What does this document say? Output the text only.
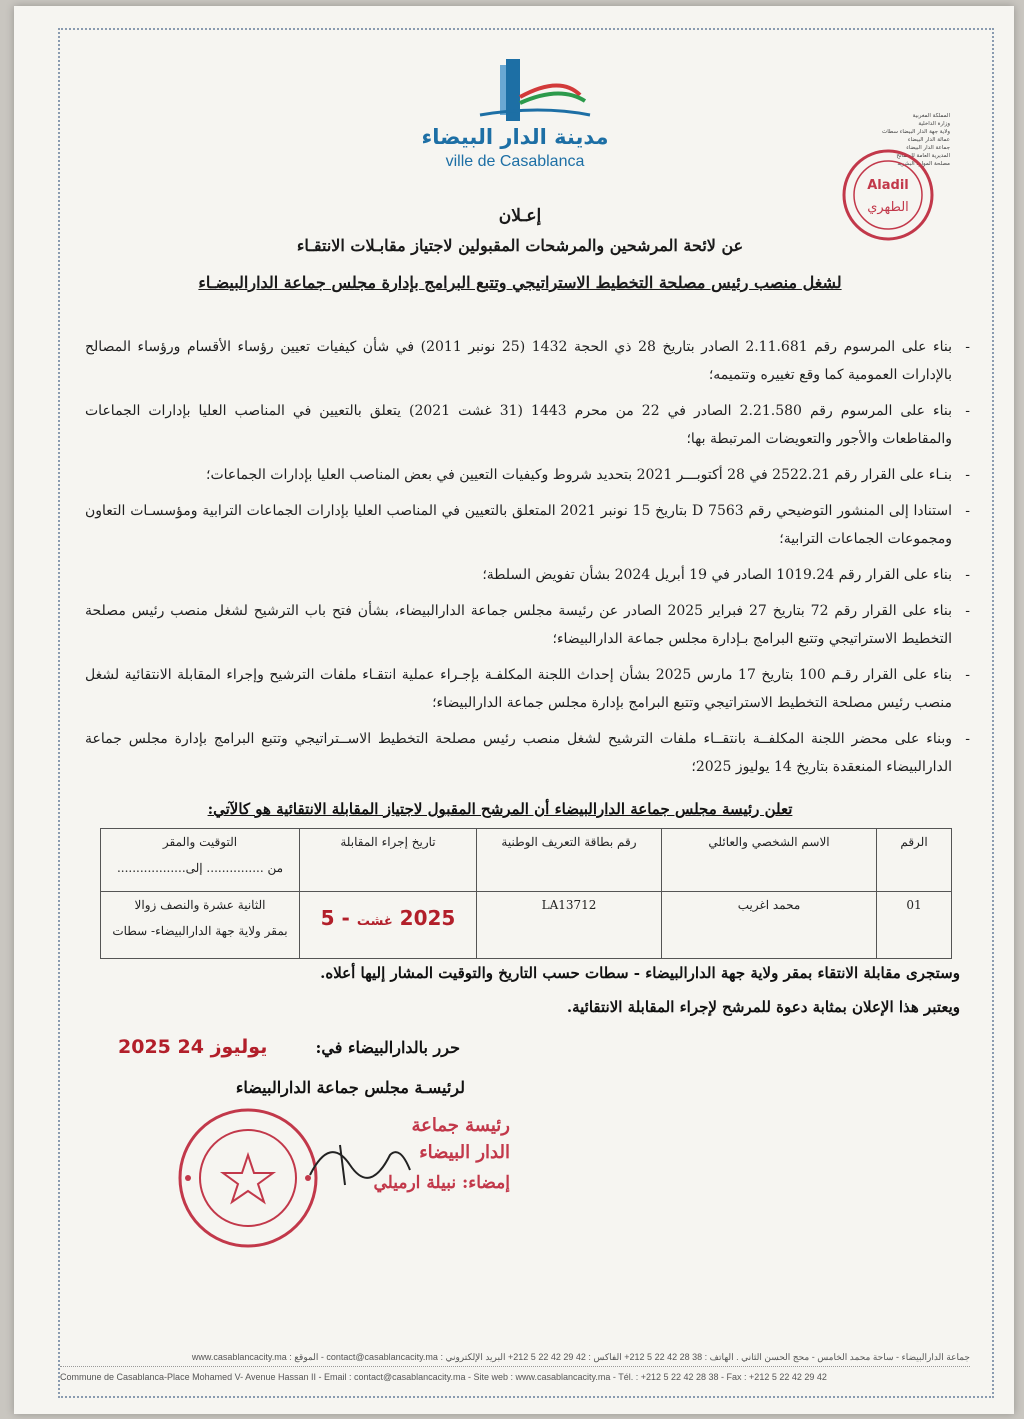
مدينة الدار البيضاء
ville de Casablanca
المملكة المغربية
وزارة الداخلية
ولاية جهة الدار البيضاء سطات
عمالة الدار البيضاء
جماعة الدار البيضاء
المديرية العامة للمصالح
مصلحة الموارد البشرية
Aladil
الطهري
إعـلان
عن لائحة المرشحين والمرشحات المقبولين لاجتياز مقابـلات الانتقـاء
لشغل منصب رئيس مصلحة التخطيط الاستراتيجي وتتبع البرامج بإدارة مجلس جماعة الدارالبيضـاء
- بناء على المرسوم رقم 2.11.681 الصادر بتاريخ 28 ذي الحجة 1432 (25 نونبر 2011) في شأن كيفيات تعيين رؤساء الأقسام ورؤساء المصالح بالإدارات العمومية كما وقع تغييره وتتميمه؛
- بناء على المرسوم رقم 2.21.580 الصادر في 22 من محرم 1443 (31 غشت 2021) يتعلق بالتعيين في المناصب العليا بإدارات الجماعات والمقاطعات والأجور والتعويضات المرتبطة بها؛
- بنـاء على القرار رقم 2522.21 في 28 أكتوبـــر 2021 بتحديد شروط وكيفيات التعيين في بعض المناصب العليا بإدارات الجماعات؛
- استنادا إلى المنشور التوضيحي رقم D 7563 بتاريخ 15 نونبر 2021 المتعلق بالتعيين في المناصب العليا بإدارات الجماعات الترابية ومؤسسـات التعاون ومجموعات الجماعات الترابية؛
- بناء على القرار رقم 1019.24 الصادر في 19 أبريل 2024 بشأن تفويض السلطة؛
- بناء على القرار رقم 72 بتاريخ 27 فبراير 2025 الصادر عن رئيسة مجلس جماعة الدارالبيضاء، بشأن فتح باب الترشيح لشغل منصب رئيس مصلحة التخطيط الاستراتيجي وتتبع البرامج بـإدارة مجلس جماعة الدارالبيضاء؛
- بناء على القرار رقـم 100 بتاريخ 17 مارس 2025 بشأن إحداث اللجنة المكلفـة بإجـراء عملية انتقـاء ملفات الترشيح وإجراء المقابلة الانتقائية لشغل منصب رئيس مصلحة التخطيط الاستراتيجي وتتبع البرامج بإدارة مجلس جماعة الدارالبيضاء؛
- وبناء على محضر اللجنة المكلفــة بانتقــاء ملفات الترشيح لشغل منصب رئيس مصلحة التخطيط الاســتراتيجي وتتبع البرامج بإدارة مجلس جماعة الدارالبيضاء المنعقدة بتاريخ 14 يوليوز 2025؛
تعلن رئيسة مجلس جماعة الدارالبيضاء أن المرشح المقبول لاجتياز المقابلة الانتقائية هو كالآتي:
الرقم	الاسم الشخصي والعائلي	رقم بطاقة التعريف الوطنية	تاريخ إجراء المقابلة	التوقيت والمقر
من ............... إلى..................

01	محمد اغريب	LA13712	2025 غشت - 5	الثانية عشرة والنصف زوالا
بمقر ولاية جهة الدارالبيضاء- سطات
وستجرى مقابلة الانتقاء بمقر ولاية جهة الدارالبيضاء - سطات حسب التاريخ والتوقيت المشار إليها أعلاه.
ويعتبر هذا الإعلان بمثابة دعوة للمرشح لإجراء المقابلة الانتقائية.
2025 يوليوز 24	حرر بالدارالبيضاء في:
لرئيسـة مجلس جماعة الدارالبيضاء
رئيسة جماعة
الدار البيضاء
إمضاء: نبيلة ارميلي
جماعة الدارالبيضاء - ساحة محمد الخامس - محج الحسن الثاني . الهاتف : 38 28 42 22 5 212+ الفاكس : 42 29 42 22 5 212+ البريد الإلكتروني : contact@casablancacity.ma - الموقع : www.casablancacity.ma
Commune de Casablanca-Place Mohamed V- Avenue Hassan II - Email : contact@casablancacity.ma - Site web : www.casablancacity.ma - Tél. : +212 5 22 42 28 38 - Fax : +212 5 22 42 29 42
